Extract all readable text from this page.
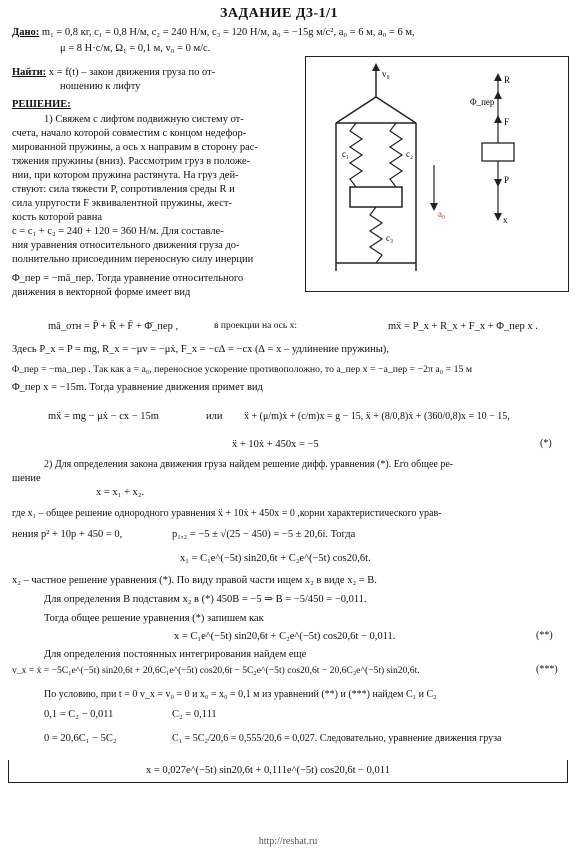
ЗАДАНИЕ Д3-1/1
Дано: m₁ = 0,8 кг, c₁ = 0,8 Н/м, c₂ = 240 Н/м, c₃ = 120 Н/м, a₀ = −15g м/с², a₀ = 6 м, a₀ = 6 м,
μ = 8 Н·с/м, Ω₁ = 0,1 м, v₀ = 0 м/с.
Найти: x = f(t) – закон движения груза по от-
ношению к лифту
РЕШЕНИЕ:
1) Свяжем с лифтом подвижную систему от-
счета, начало которой совместим с концом недефор-
мированной пружины, а ось x направим в сторону рас-
тяжения пружины (вниз). Рассмотрим груз в положе-
нии, при котором пружина растянута. На груз дей-
ствуют: сила тяжести P, сопротивления среды R и
сила упругости F эквивалентной пружины, жест-
кость которой равна
c = c₁ + c₂ = 240 + 120 = 360 Н/м. Для составле-
ния уравнения относительного движения груза до-
полнительно присоединим переносную силу инерции
Φ_пер = −mā_пер. Тогда уравнение относительного
движения в векторной форме имеет вид
v₀
c₁	c₂
c₃
a₀
x
R
Φ_пер
F
P
mā_отн = P̄ + R̄ + F̄ + Φ̄_пер ,	в проекции на ось x:	mẍ = P_x + R_x + F_x + Φ_пер x .
Здесь P_x = P = mg, R_x = −μv = −μẋ, F_x = −c∆ = −cx (∆ = x – удлинение пружины),
Φ_пер = −ma_пер . Так как a = a₀, переносное ускорение противоположно, то a_пер x = −a_пер = −2π a₀ = 15 м
Φ_пер x = −15m. Тогда уравнение движения примет вид
mẍ = mg − μẋ − cx − 15m	или ẍ + (μ/m)ẋ + (c/m)x = g − 15, ẍ + (8/0,8)ẋ + (360/0,8)x = 10 − 15,
ẍ + 10ẋ + 450x = −5	(*)
2) Для определения закона движения груза найдем решение дифф. уравнения (*). Его общее ре-
шение
x = x₁ + x₂.
где x₁ – общее решение однородного уравнения ẍ + 10ẋ + 450x = 0 ,корни характеристического урав-
нения p² + 10p + 450 = 0,	p₁,₂ = −5 ± √(25 − 450) = −5 ± 20,6i. Тогда
x₁ = C₁e^(−5t) sin20,6t + C₂e^(−5t) cos20,6t.
x₂ – частное решение уравнения (*). По виду правой части ищем x₂ в виде x₂ = B.
Для определения B подставим x₂ в (*) 450B = −5 ⇒ B = −5/450 = −0,011.
Тогда общее решение уравнения (*) запишем как
x = C₁e^(−5t) sin20,6t + C₂e^(−5t) cos20,6t − 0,011.	(**)
Для определения постоянных интегрирования найдем еще
v_x = ẋ = −5C₁e^(−5t) sin20,6t + 20,6C₁e^(−5t) cos20,6t − 5C₂e^(−5t) cos20,6t − 20,6C₂e^(−5t) sin20,6t.	(***)
По условию, при t = 0 v_x = v₀ = 0 и x₀ = x₀ = 0,1 м из уравнений (**) и (***) найдем C₁ и C₂
0,1 = C₂ − 0,011	C₂ = 0,111
0 = 20,6C₁ − 5C₂	C₁ = 5C₂/20,6 = 0,555/20,6 = 0,027. Следовательно, уравнение движения груза
x = 0,027e^(−5t) sin20,6t + 0,111e^(−5t) cos20,6t − 0,011
http://reshat.ru
